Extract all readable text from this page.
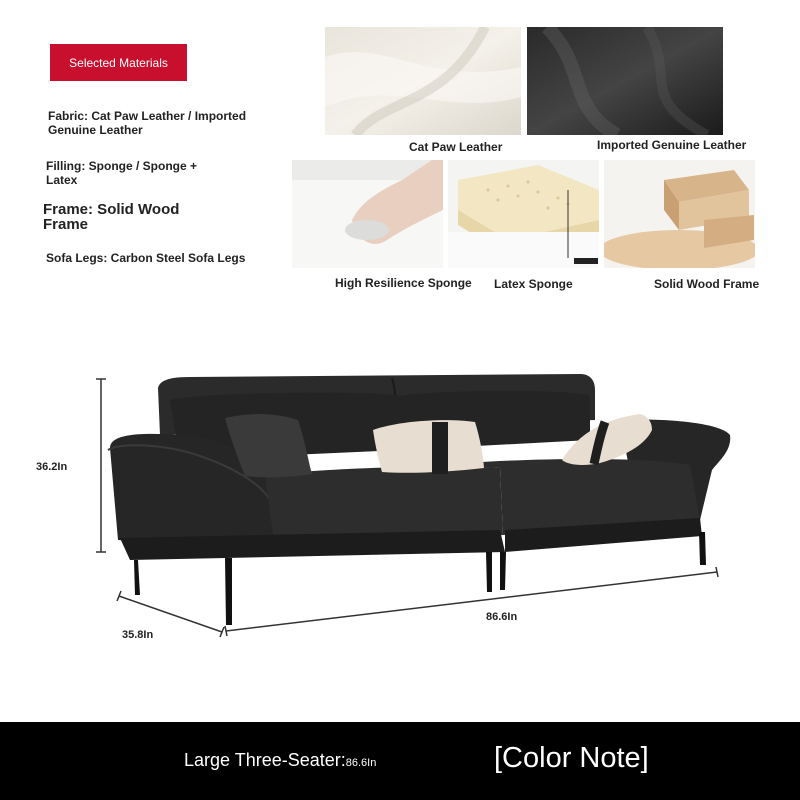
Selected Materials
Fabric: Cat Paw Leather / Imported Genuine Leather
Filling: Sponge / Sponge + Latex
Frame: Solid Wood Frame
Sofa Legs: Carbon Steel Sofa Legs
Cat Paw Leather	Imported Genuine Leather
High Resilience Sponge Latex Sponge	Solid Wood Frame
36.2In
35.8In
86.6In
Large Three-Seater:86.6In	[Color Note]
